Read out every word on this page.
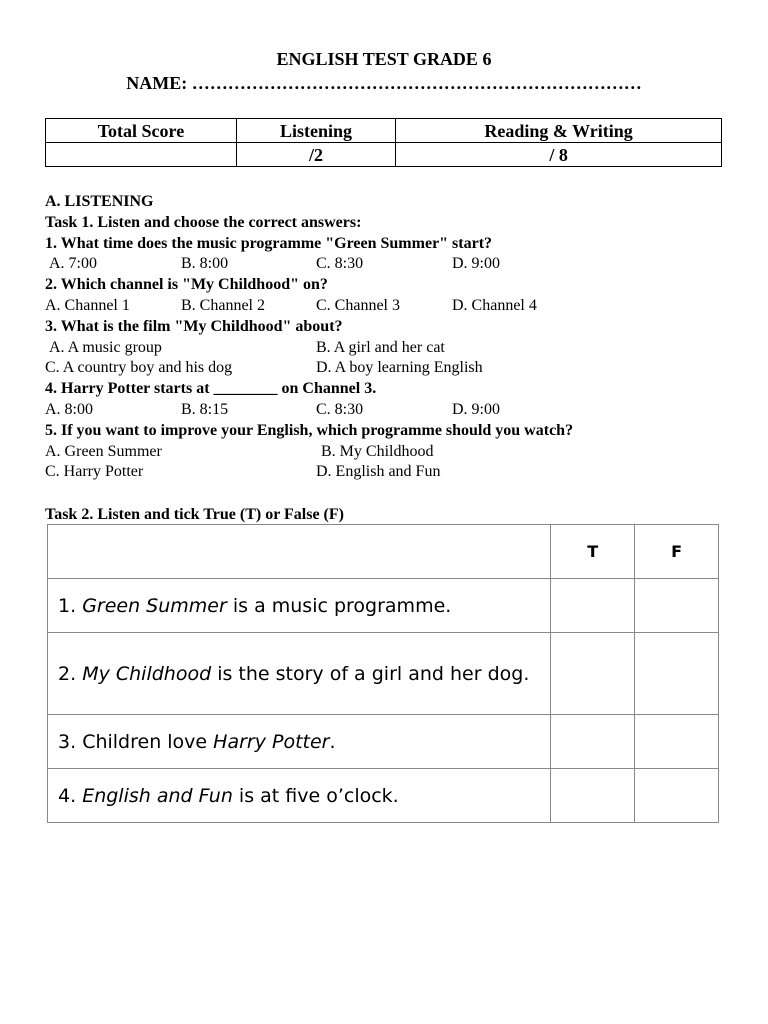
ENGLISH TEST GRADE 6
NAME: …………………………………………………………………
Total Score	Listening	Reading & Writing
	/2	/ 8
A. LISTENING
Task 1. Listen and choose the correct answers:
1. What time does the music programme "Green Summer" start?
A. 7:00	B. 8:00	C. 8:30	D. 9:00
2. Which channel is "My Childhood" on?
A. Channel 1	B. Channel 2	C. Channel 3	D. Channel 4
3. What is the film "My Childhood" about?
A. A music group	B. A girl and her cat
C. A country boy and his dog	D. A boy learning English
4. Harry Potter starts at ________ on Channel 3.
A. 8:00	B. 8:15	C. 8:30	D. 9:00
5. If you want to improve your English, which programme should you watch?
A. Green Summer	B. My Childhood
C. Harry Potter	D. English and Fun
Task 2. Listen and tick True (T) or False (F)
	T	F
1. Green Summer is a music programme.		
2. My Childhood is the story of a girl and her dog.		
3. Children love Harry Potter.		
4. English and Fun is at five o’clock.		
